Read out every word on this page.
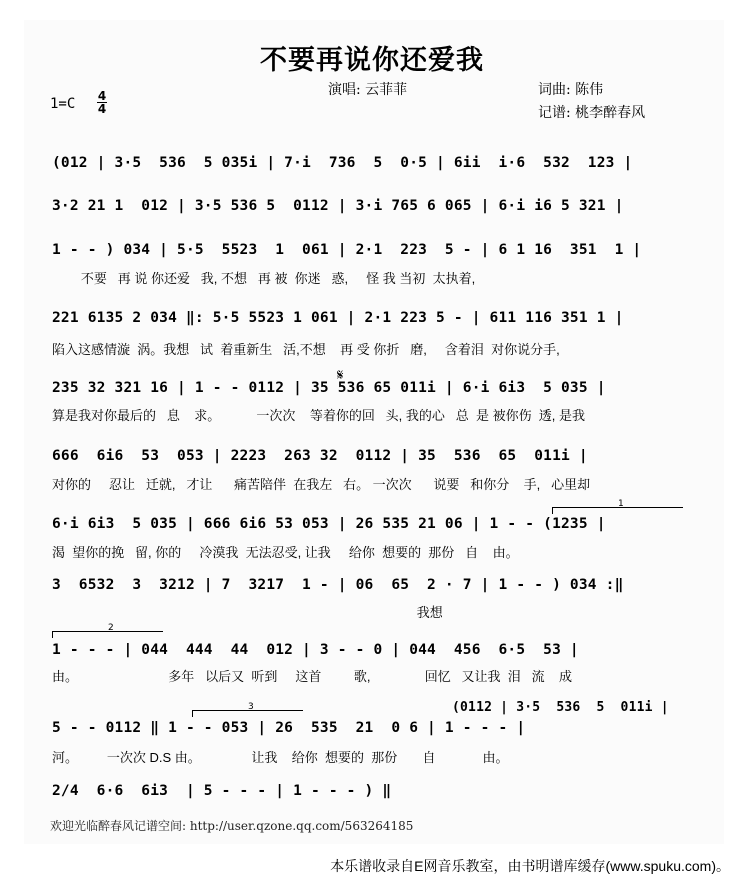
不要再说你还爱我
演唱: 云菲菲	词曲: 陈伟
记谱: 桃李醉春风
$1=C \frac{4}{4}$
(012 | 3·5  536  5 035i | 7·i  736  5  0·5 | 6ii  i·6  532  123 |
3·2 21 1  012 | 3·5 536 5  0112 | 3·i 765 6 065 | 6·i i6 5 321 |
1 - - ) 034 | 5·5  5523  1  061 | 2·1  223  5 - | 6 1 16  351  1 |
不要   再 说 你还爱   我, 不想   再 被  你迷   惑,     怪 我 当初  太执着,
221 6135 2 034 ‖: 5·5 5523 1 061 | 2·1 223 5 - | 611 116 351 1 |
陷入这感情漩  涡。我想   试  着重新生   活,不想    再 受 你折   磨,     含着泪  对你说分手,
𝄋
235 32 321 16 | 1 - - 0112 | 35 536 65 011i | 6·i 6i3  5 035 |
算是我对你最后的   息    求。          一次次    等着你的回   头, 我的心   总  是 被你伤  透, 是我
666  6i6  53  053 | 2223  263 32  0112 | 35  536  65  011i |
对你的     忍让   迁就,   才让      痛苦陪伴  在我左   右。 一次次      说要   和你分    手,   心里却
1
6·i 6i3  5 035 | 666 6i6 53 053 | 26 535 21 06 | 1 - - (1235 |
渴  望你的挽   留, 你的     冷漠我  无法忍受, 让我     给你  想要的  那份   自    由。
3  6532  3  3212 | 7  3217  1 - | 06  65  2 · 7 | 1 - - ) 034 :‖
我想
2
1 - - - | 044  444  44  012 | 3 - - 0 | 044  456  6·5  53 |
由。                         多年   以后又  听到     这首         歌,               回忆   又让我  泪   流    成
3	(0112 | 3·5  536  5  011i |
5 - - 0112 ‖ 1 - - 053 | 26  535  21  0 6 | 1 - - - |
河。        一次次 D.S 由。              让我    给你  想要的  那份       自             由。
2/4  6·6  6i3  | 5 - - - | 1 - - - ) ‖
欢迎光临醉春风记谱空间: http://user.qzone.qq.com/563264185
本乐谱收录自E网音乐教室，由书明谱库缓存(www.spuku.com)。
